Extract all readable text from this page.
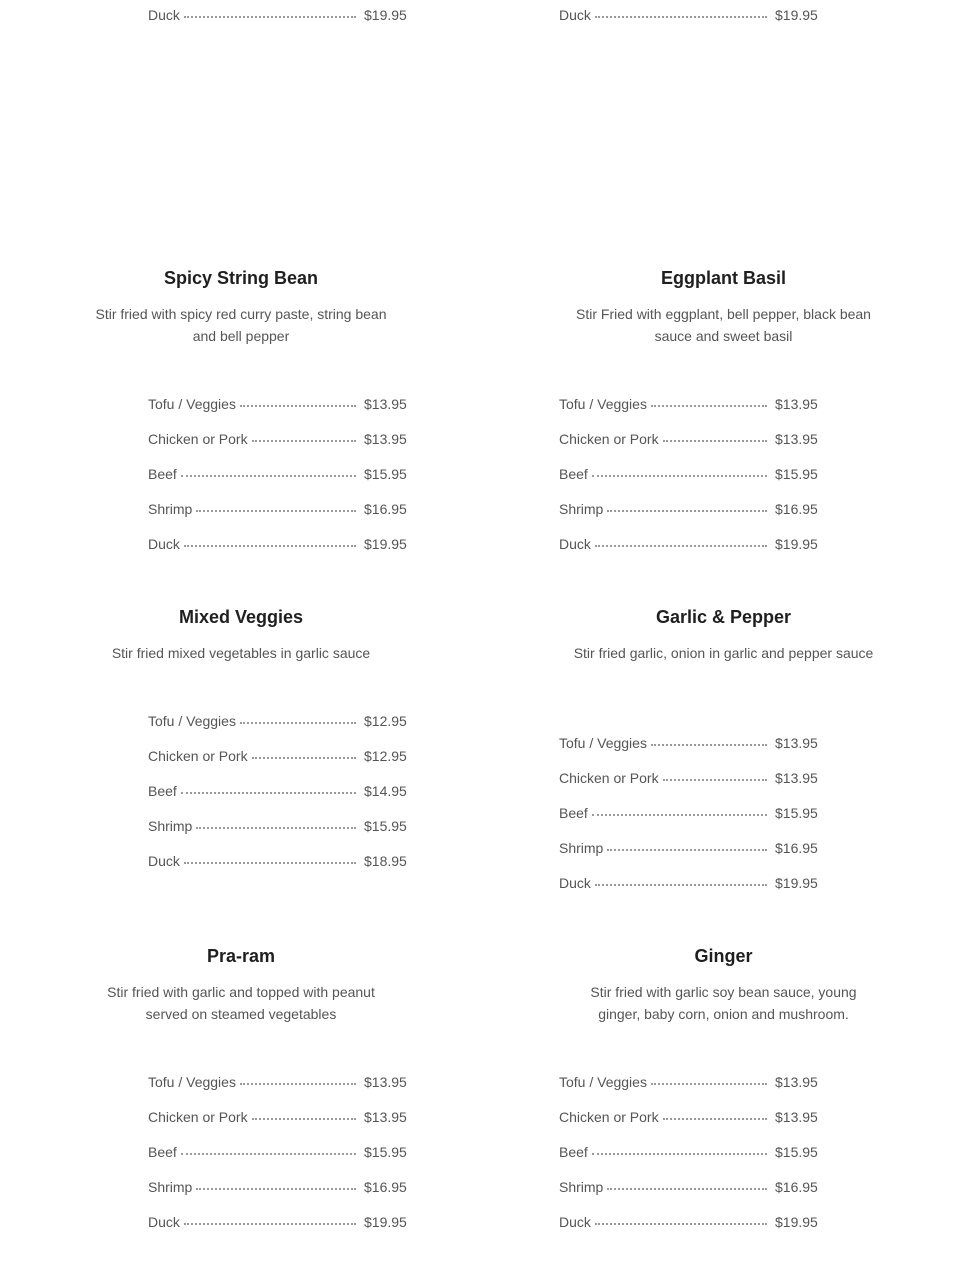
Duck	$19.95	Duck	$19.95
Spicy String Bean

Stir fried with spicy red curry paste, string bean and bell pepper

Tofu / Veggies	$13.95
Chicken or Pork	$13.95
Beef	$15.95
Shrimp	$16.95
Duck	$19.95
Eggplant Basil

Stir Fried with eggplant, bell pepper, black bean sauce and sweet basil

Tofu / Veggies	$13.95
Chicken or Pork	$13.95
Beef	$15.95
Shrimp	$16.95
Duck	$19.95
Mixed Veggies

Stir fried mixed vegetables in garlic sauce

Tofu / Veggies	$12.95
Chicken or Pork	$12.95
Beef	$14.95
Shrimp	$15.95
Duck	$18.95
Garlic & Pepper

Stir fried garlic, onion in garlic and pepper sauce

Tofu / Veggies	$13.95
Chicken or Pork	$13.95
Beef	$15.95
Shrimp	$16.95
Duck	$19.95
Pra-ram

Stir fried with garlic and topped with peanut served on steamed vegetables

Tofu / Veggies	$13.95
Chicken or Pork	$13.95
Beef	$15.95
Shrimp	$16.95
Duck	$19.95
Ginger

Stir fried with garlic soy bean sauce, young ginger, baby corn, onion and mushroom.

Tofu / Veggies	$13.95
Chicken or Pork	$13.95
Beef	$15.95
Shrimp	$16.95
Duck	$19.95
